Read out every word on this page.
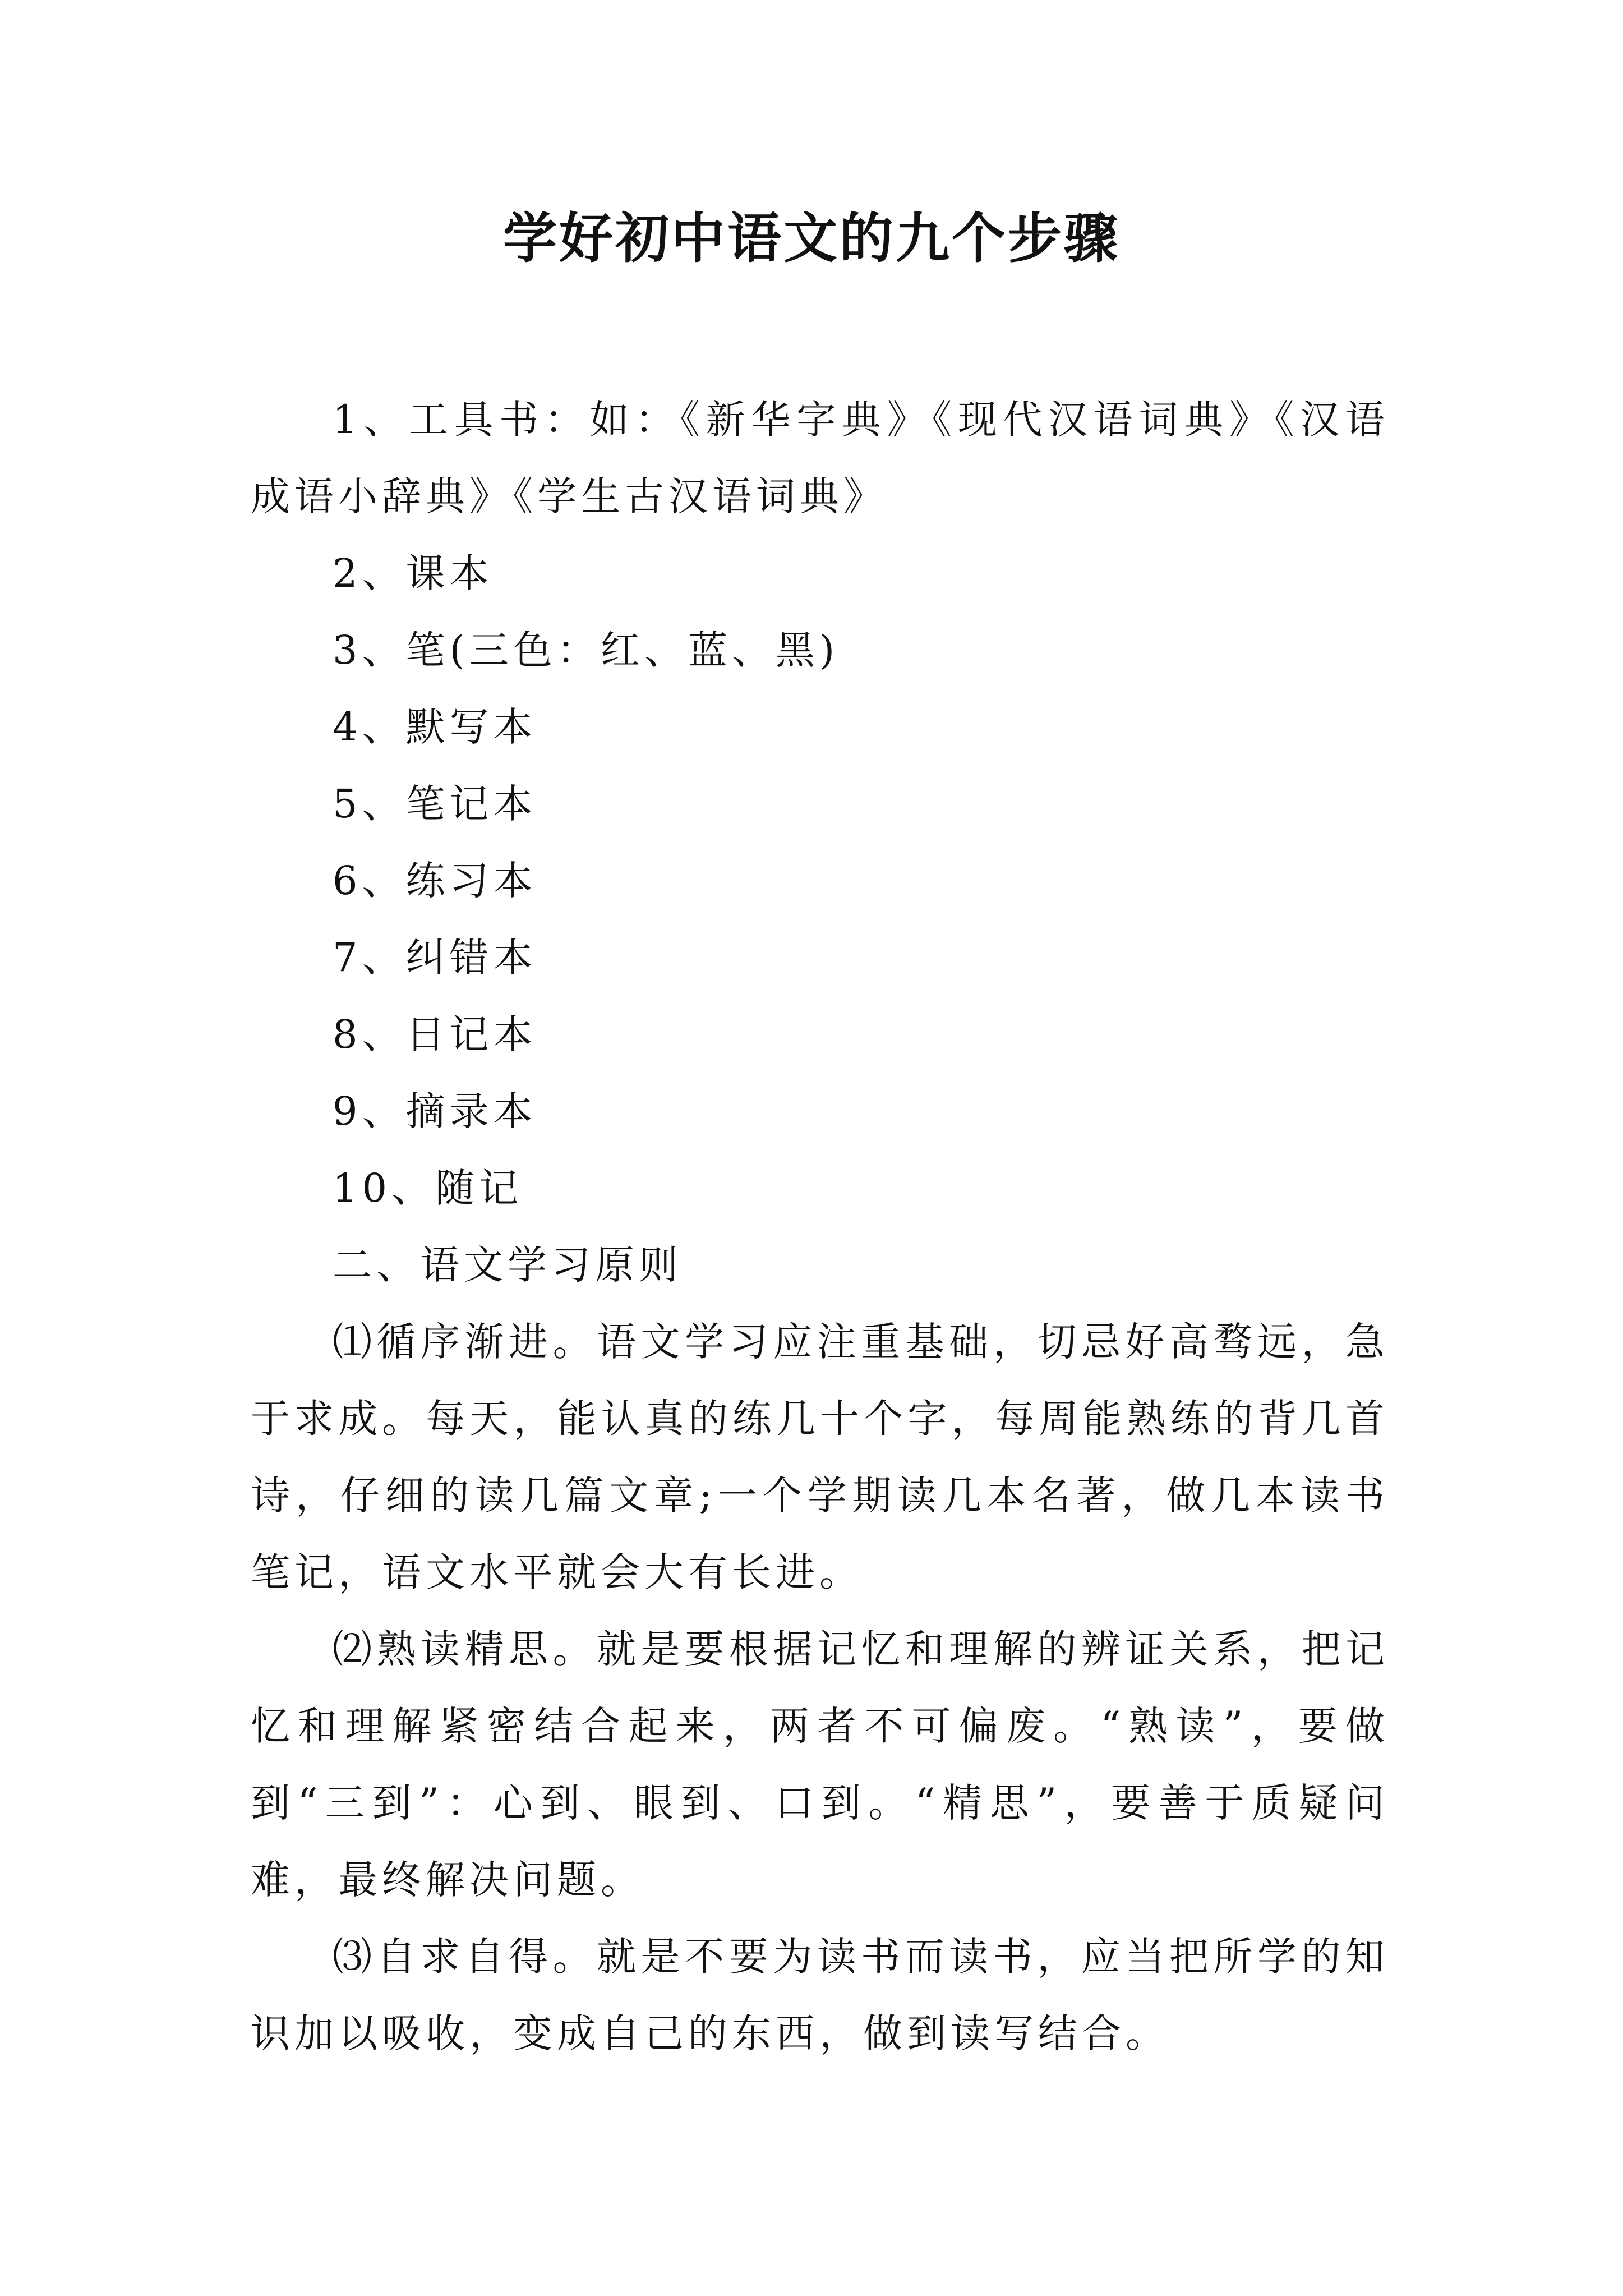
学好初中语文的九个步骤

1、工具书：如：《新华字典》《现代汉语词典》《汉语成语小辞典》《学生古汉语词典》

2、课本

3、笔(三色：红、蓝、黑)

4、默写本

5、笔记本

6、练习本

7、纠错本

8、日记本

9、摘录本

10、随记

二、语文学习原则

⑴循序渐进。语文学习应注重基础，切忌好高骛远，急于求成。每天，能认真的练几十个字，每周能熟练的背几首诗，仔细的读几篇文章;一个学期读几本名著，做几本读书笔记，语文水平就会大有长进。

⑵熟读精思。就是要根据记忆和理解的辨证关系，把记忆和理解紧密结合起来，两者不可偏废。“熟读”，要做到“三到”：心到、眼到、口到。“精思”，要善于质疑问难，最终解决问题。

⑶自求自得。就是不要为读书而读书，应当把所学的知识加以吸收，变成自己的东西，做到读写结合。
